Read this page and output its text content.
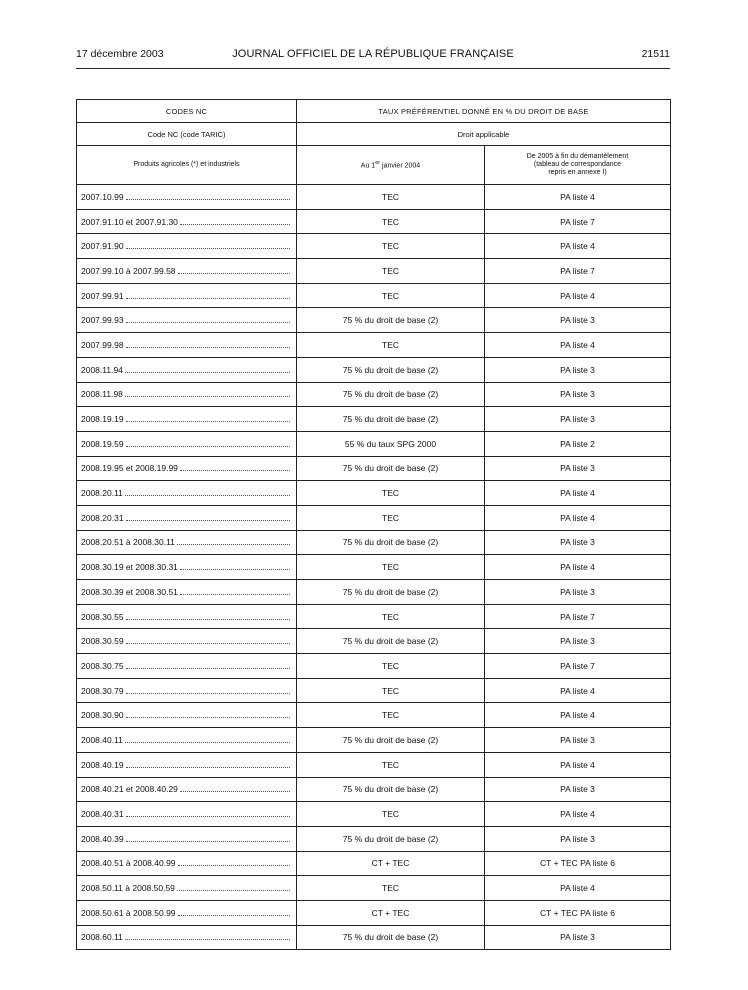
17 décembre 2003	JOURNAL OFFICIEL DE LA RÉPUBLIQUE FRANÇAISE	21511
CODES NC	TAUX PRÉFÉRENTIEL DONNÉ EN % DU DROIT DE BASE	
Code NC (code TARIC)	Droit applicable	
Produits agricoles (*) et industriels	Au 1er janvier 2004	De 2005 à fin du démantèlement
(tableau de correspondance
repris en annexe I)

2007.10.99	TEC	PA liste 4

2007.91.10 et 2007.91.30	TEC	PA liste 7

2007.91.90	TEC	PA liste 4

2007.99.10 à 2007.99.58	TEC	PA liste 7

2007.99.91	TEC	PA liste 4

2007.99.93	75 % du droit de base (2)	PA liste 3

2007.99.98	TEC	PA liste 4

2008.11.94	75 % du droit de base (2)	PA liste 3

2008.11.98	75 % du droit de base (2)	PA liste 3

2008.19.19	75 % du droit de base (2)	PA liste 3

2008.19.59	55 % du taux SPG 2000	PA liste 2

2008.19.95 et 2008.19.99	75 % du droit de base (2)	PA liste 3

2008.20.11	TEC	PA liste 4

2008.20.31	TEC	PA liste 4

2008.20.51 à 2008.30.11	75 % du droit de base (2)	PA liste 3

2008.30.19 et 2008.30.31	TEC	PA liste 4

2008.30.39 et 2008.30.51	75 % du droit de base (2)	PA liste 3

2008.30.55	TEC	PA liste 7

2008.30.59	75 % du droit de base (2)	PA liste 3

2008.30.75	TEC	PA liste 7

2008.30.79	TEC	PA liste 4

2008.30.90	TEC	PA liste 4

2008.40.11	75 % du droit de base (2)	PA liste 3

2008.40.19	TEC	PA liste 4

2008.40.21 et 2008.40.29	75 % du droit de base (2)	PA liste 3

2008.40.31	TEC	PA liste 4

2008.40.39	75 % du droit de base (2)	PA liste 3

2008.40.51 à 2008.40.99	CT + TEC	CT + TEC PA liste 6

2008.50.11 à 2008.50.59	TEC	PA liste 4

2008.50.61 à 2008.50.99	CT + TEC	CT + TEC PA liste 6

2008.60.11	75 % du droit de base (2)	PA liste 3
